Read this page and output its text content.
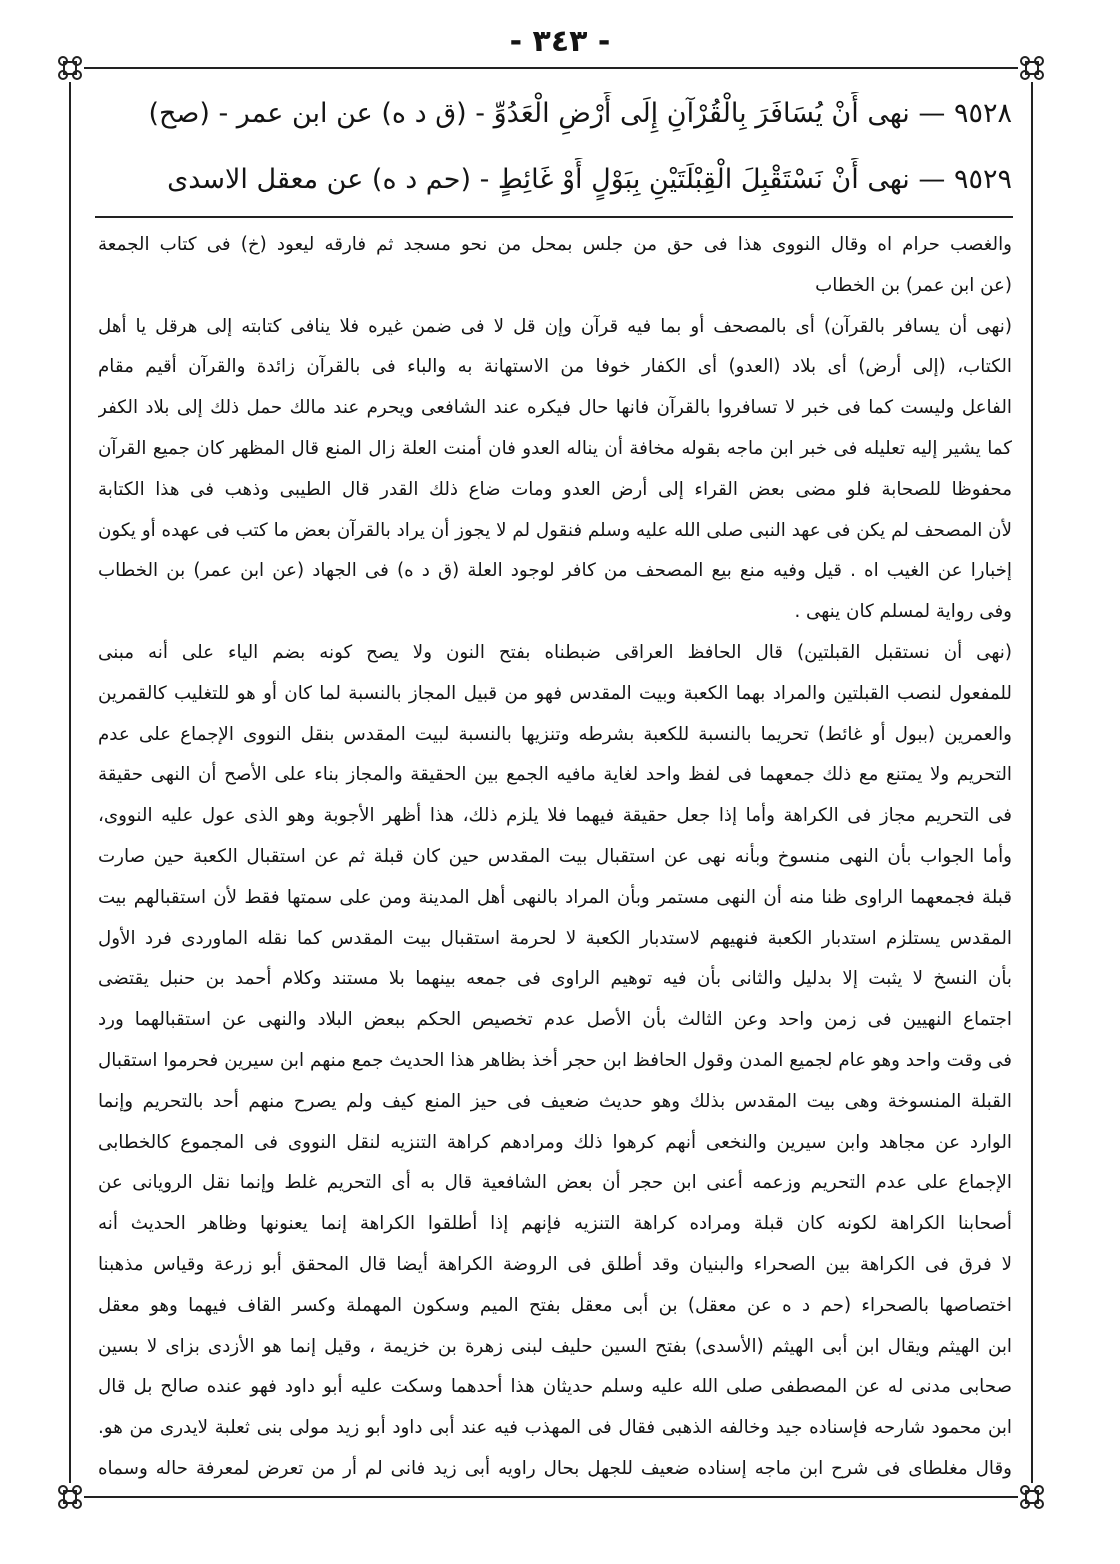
- ٣٤٣ -
٩٥٢٨ — نهى أَنْ يُسَافَرَ بِالْقُرْآنِ إِلَى أَرْضِ الْعَدُوِّ - (ق د ه) عن ابن عمر - (صح)
٩٥٢٩ — نهى أَنْ نَسْتَقْبِلَ الْقِبْلَتَيْنِ بِبَوْلٍ أَوْ غَائِطٍ - (حم د ه) عن معقل الاسدى
والغصب حرام اه وقال النووى هذا فى حق من جلس بمحل من نحو مسجد ثم فارقه ليعود (خ) فى كتاب الجمعة
(عن ابن عمر) بن الخطاب
(نهى أن يسافر بالقرآن) أى بالمصحف أو بما فيه قرآن وإن قل لا فى ضمن غيره فلا ينافى كتابته إلى هرقل يا أهل
الكتاب، (إلى أرض) أى بلاد (العدو) أى الكفار خوفا من الاستهانة به والباء فى بالقرآن زائدة والقرآن أقيم مقام
الفاعل وليست كما فى خبر لا تسافروا بالقرآن فانها حال فيكره عند الشافعى ويحرم عند مالك حمل ذلك إلى بلاد الكفر
كما يشير إليه تعليله فى خبر ابن ماجه بقوله مخافة أن يناله العدو فان أمنت العلة زال المنع قال المظهر كان جميع القرآن
محفوظا للصحابة فلو مضى بعض القراء إلى أرض العدو ومات ضاع ذلك القدر قال الطيبى وذهب فى هذا الكتابة
لأن المصحف لم يكن فى عهد النبى صلى الله عليه وسلم فنقول لم لا يجوز أن يراد بالقرآن بعض ما كتب فى عهده أو يكون
إخبارا عن الغيب اه . قيل وفيه منع بيع المصحف من كافر لوجود العلة (ق د ه) فى الجهاد (عن ابن عمر) بن الخطاب
وفى رواية لمسلم كان ينهى .
(نهى أن نستقبل القبلتين) قال الحافظ العراقى ضبطناه بفتح النون ولا يصح كونه بضم الياء على أنه مبنى
للمفعول لنصب القبلتين والمراد بهما الكعبة وبيت المقدس فهو من قبيل المجاز بالنسبة لما كان أو هو للتغليب كالقمرين
والعمرين (ببول أو غائط) تحريما بالنسبة للكعبة بشرطه وتنزيها بالنسبة لبيت المقدس بنقل النووى الإجماع على عدم
التحريم ولا يمتنع مع ذلك جمعهما فى لفظ واحد لغاية مافيه الجمع بين الحقيقة والمجاز بناء على الأصح أن النهى حقيقة
فى التحريم مجاز فى الكراهة وأما إذا جعل حقيقة فيهما فلا يلزم ذلك، هذا أظهر الأجوبة وهو الذى عول عليه النووى،
وأما الجواب بأن النهى منسوخ وبأنه نهى عن استقبال بيت المقدس حين كان قبلة ثم عن استقبال الكعبة حين صارت
قبلة فجمعهما الراوى ظنا منه أن النهى مستمر وبأن المراد بالنهى أهل المدينة ومن على سمتها فقط لأن استقبالهم بيت
المقدس يستلزم استدبار الكعبة فنهيهم لاستدبار الكعبة لا لحرمة استقبال بيت المقدس كما نقله الماوردى فرد الأول
بأن النسخ لا يثبت إلا بدليل والثانى بأن فيه توهيم الراوى فى جمعه بينهما بلا مستند وكلام أحمد بن حنبل يقتضى
اجتماع النهيين فى زمن واحد وعن الثالث بأن الأصل عدم تخصيص الحكم ببعض البلاد والنهى عن استقبالهما ورد
فى وقت واحد وهو عام لجميع المدن وقول الحافظ ابن حجر أخذ بظاهر هذا الحديث جمع منهم ابن سيرين فحرموا استقبال
القبلة المنسوخة وهى بيت المقدس بذلك وهو حديث ضعيف فى حيز المنع كيف ولم يصرح منهم أحد بالتحريم وإنما
الوارد عن مجاهد وابن سيرين والنخعى أنهم كرهوا ذلك ومرادهم كراهة التنزيه لنقل النووى فى المجموع كالخطابى
الإجماع على عدم التحريم وزعمه أعنى ابن حجر أن بعض الشافعية قال به أى التحريم غلط وإنما نقل الرويانى عن
أصحابنا الكراهة لكونه كان قبلة ومراده كراهة التنزيه فإنهم إذا أطلقوا الكراهة إنما يعنونها وظاهر الحديث أنه
لا فرق فى الكراهة بين الصحراء والبنيان وقد أطلق فى الروضة الكراهة أيضا قال المحقق أبو زرعة وقياس مذهبنا
اختصاصها بالصحراء (حم د ه عن معقل) بن أبى معقل بفتح الميم وسكون المهملة وكسر القاف فيهما وهو معقل
ابن الهيثم ويقال ابن أبى الهيثم (الأسدى) بفتح السين حليف لبنى زهرة بن خزيمة ، وقيل إنما هو الأزدى بزاى لا بسين
صحابى مدنى له عن المصطفى صلى الله عليه وسلم حديثان هذا أحدهما وسكت عليه أبو داود فهو عنده صالح بل قال
ابن محمود شارحه فإسناده جيد وخالفه الذهبى فقال فى المهذب فيه عند أبى داود أبو زيد مولى بنى ثعلبة لايدرى من هو.
وقال مغلطاى فى شرح ابن ماجه إسناده ضعيف للجهل بحال راويه أبى زيد فانى لم أر من تعرض لمعرفة حاله وسماه
